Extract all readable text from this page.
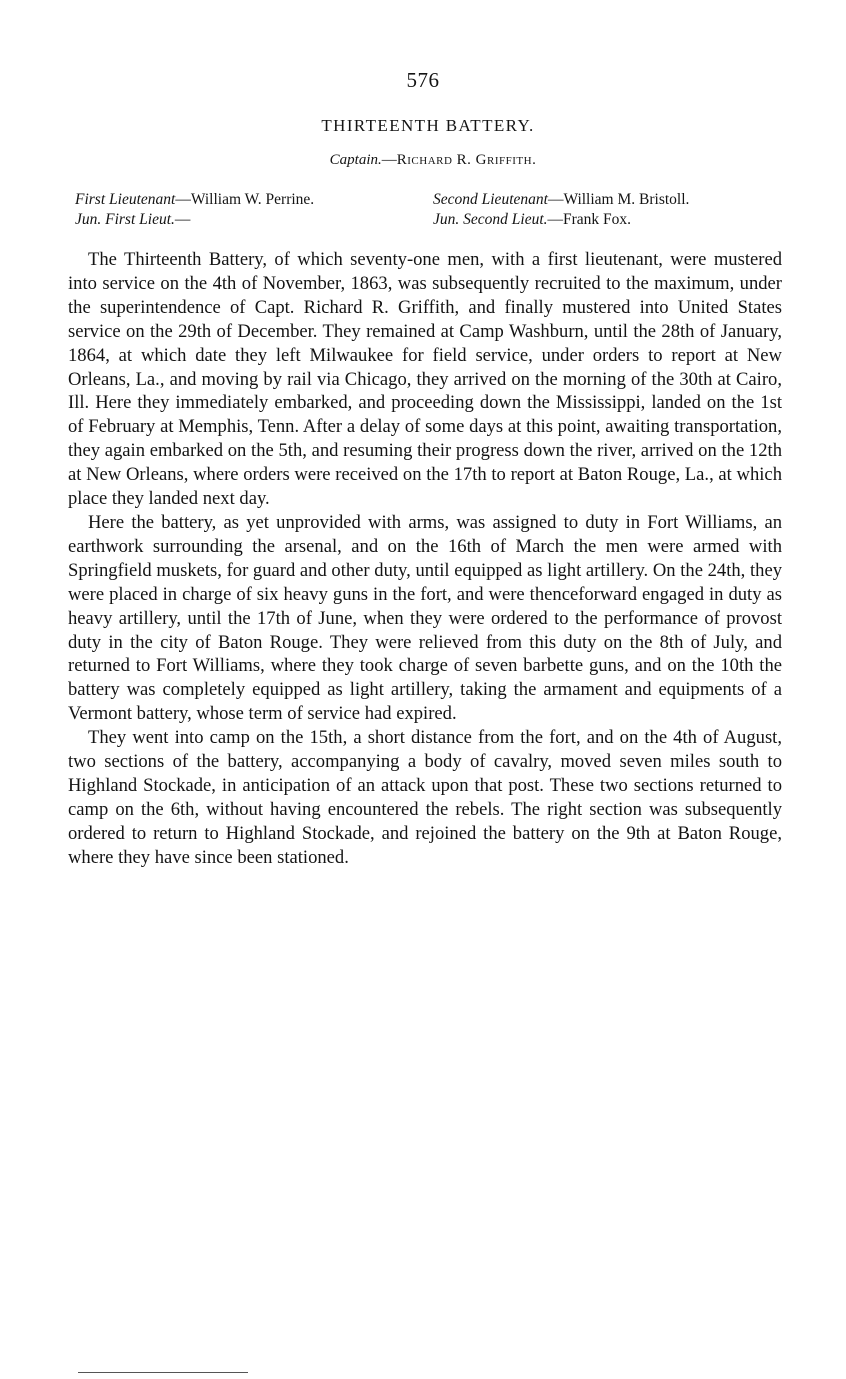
576
THIRTEENTH BATTERY.
Captain.—Richard R. Griffith.
First Lieutenant—William W. Perrine.
Jun. First Lieut.—
Second Lieutenant—William M. Bristoll.
Jun. Second Lieut.—Frank Fox.

The Thirteenth Battery, of which seventy-one men, with a first lieutenant, were mustered into service on the 4th of November, 1863, was subsequently recruited to the maximum, under the superintendence of Capt. Richard R. Griffith, and finally mustered into United States service on the 29th of December. They remained at Camp Washburn, until the 28th of January, 1864, at which date they left Milwaukee for field service, under orders to report at New Orleans, La., and moving by rail via Chicago, they arrived on the morning of the 30th at Cairo, Ill. Here they immediately embarked, and proceeding down the Mississippi, landed on the 1st of February at Memphis, Tenn. After a delay of some days at this point, awaiting transportation, they again embarked on the 5th, and resuming their progress down the river, arrived on the 12th at New Orleans, where orders were received on the 17th to report at Baton Rouge, La., at which place they landed next day.

Here the battery, as yet unprovided with arms, was assigned to duty in Fort Williams, an earthwork surrounding the arsenal, and on the 16th of March the men were armed with Springfield muskets, for guard and other duty, until equipped as light artillery. On the 24th, they were placed in charge of six heavy guns in the fort, and were thenceforward engaged in duty as heavy artillery, until the 17th of June, when they were ordered to the performance of provost duty in the city of Baton Rouge. They were relieved from this duty on the 8th of July, and returned to Fort Williams, where they took charge of seven barbette guns, and on the 10th the battery was completely equipped as light artillery, taking the armament and equipments of a Vermont battery, whose term of service had expired.

They went into camp on the 15th, a short distance from the fort, and on the 4th of August, two sections of the battery, accompanying a body of cavalry, moved seven miles south to Highland Stockade, in anticipation of an attack upon that post. These two sections returned to camp on the 6th, without having encountered the rebels. The right section was subsequently ordered to return to Highland Stockade, and rejoined the battery on the 9th at Baton Rouge, where they have since been stationed.
